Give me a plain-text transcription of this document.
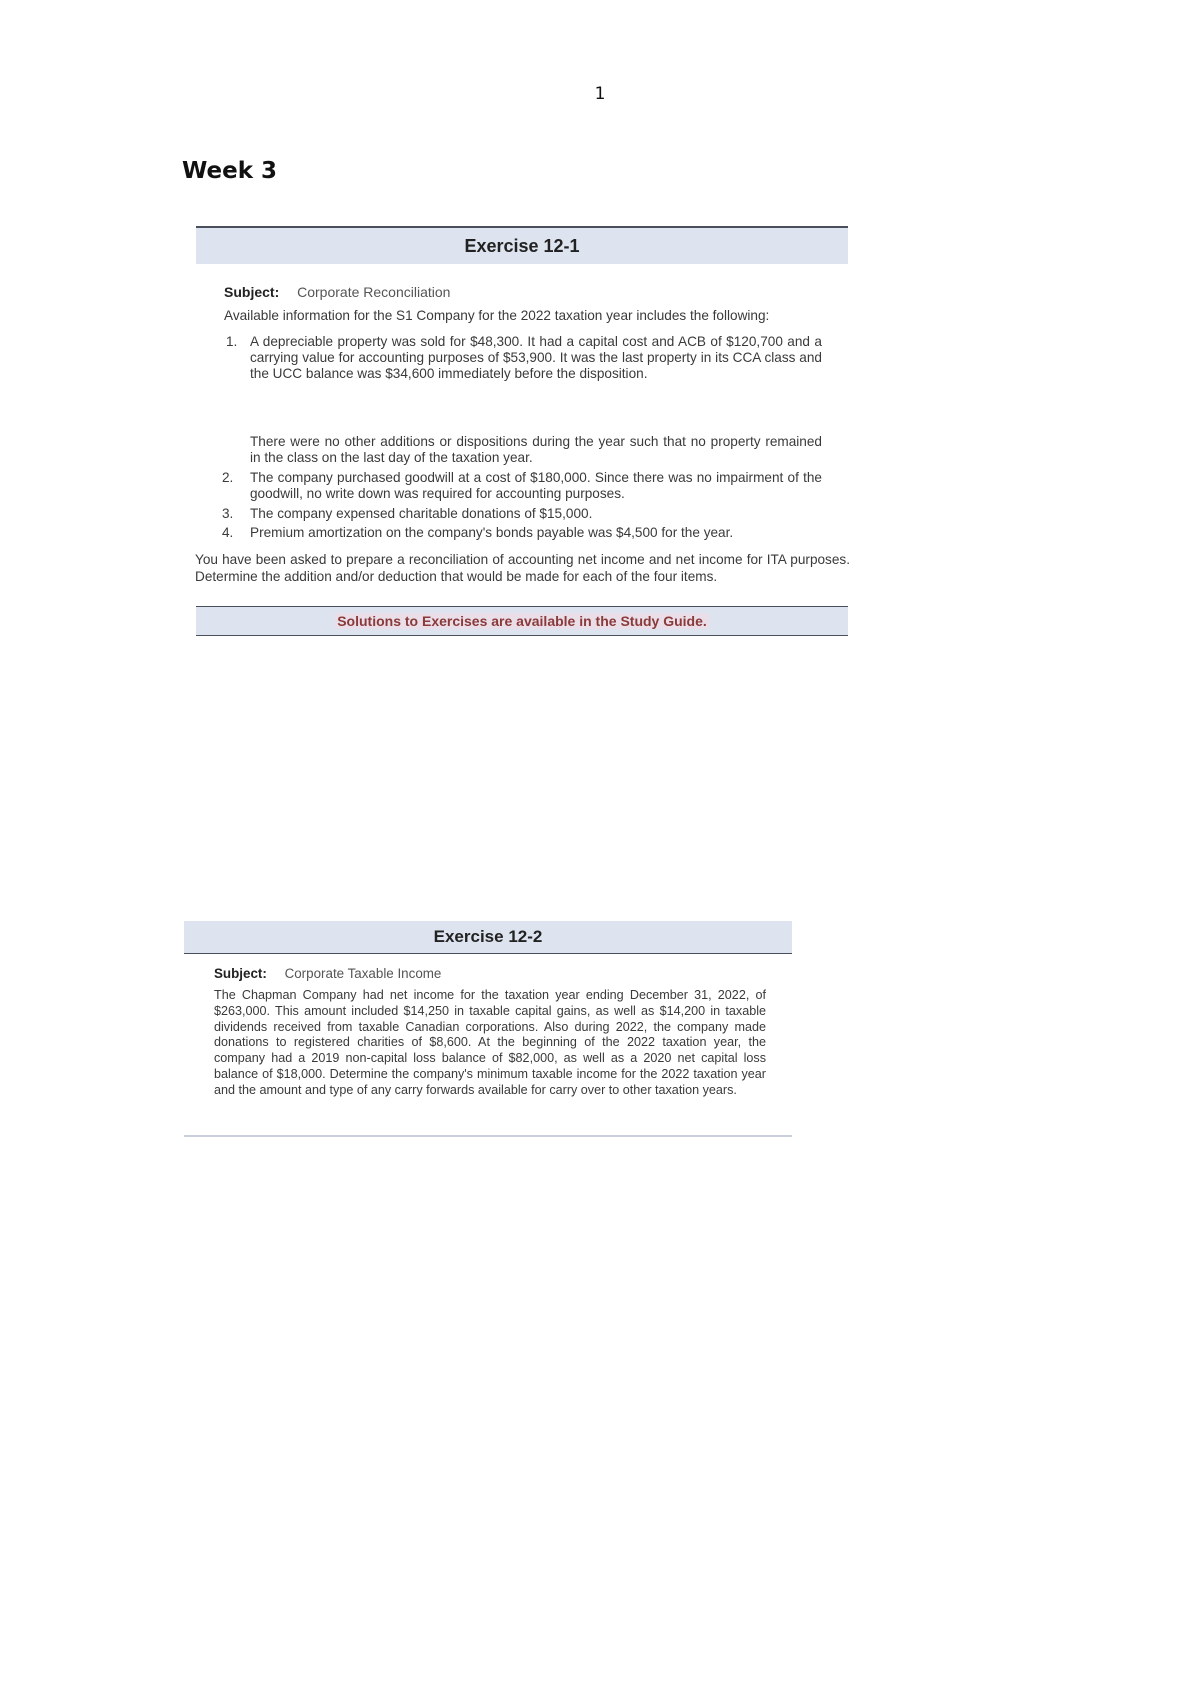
1
Week 3
Exercise 12-1
Subject: Corporate Reconciliation
Available information for the S1 Company for the 2022 taxation year includes the following:
1. A depreciable property was sold for $48,300. It had a capital cost and ACB of $120,700 and a carrying value for accounting purposes of $53,900. It was the last property in its CCA class and the UCC balance was $34,600 immediately before the disposition.
There were no other additions or dispositions during the year such that no property remained in the class on the last day of the taxation year.
2. The company purchased goodwill at a cost of $180,000. Since there was no impairment of the goodwill, no write down was required for accounting purposes.
3. The company expensed charitable donations of $15,000.
4. Premium amortization on the company's bonds payable was $4,500 for the year.
You have been asked to prepare a reconciliation of accounting net income and net income for ITA purposes. Determine the addition and/or deduction that would be made for each of the four items.
Solutions to Exercises are available in the Study Guide.
Exercise 12-2
Subject: Corporate Taxable Income
The Chapman Company had net income for the taxation year ending December 31, 2022, of $263,000. This amount included $14,250 in taxable capital gains, as well as $14,200 in taxable dividends received from taxable Canadian corporations. Also during 2022, the company made donations to registered charities of $8,600. At the beginning of the 2022 taxation year, the company had a 2019 non-capital loss balance of $82,000, as well as a 2020 net capital loss balance of $18,000. Determine the company's minimum taxable income for the 2022 taxation year and the amount and type of any carry forwards available for carry over to other taxation years.
